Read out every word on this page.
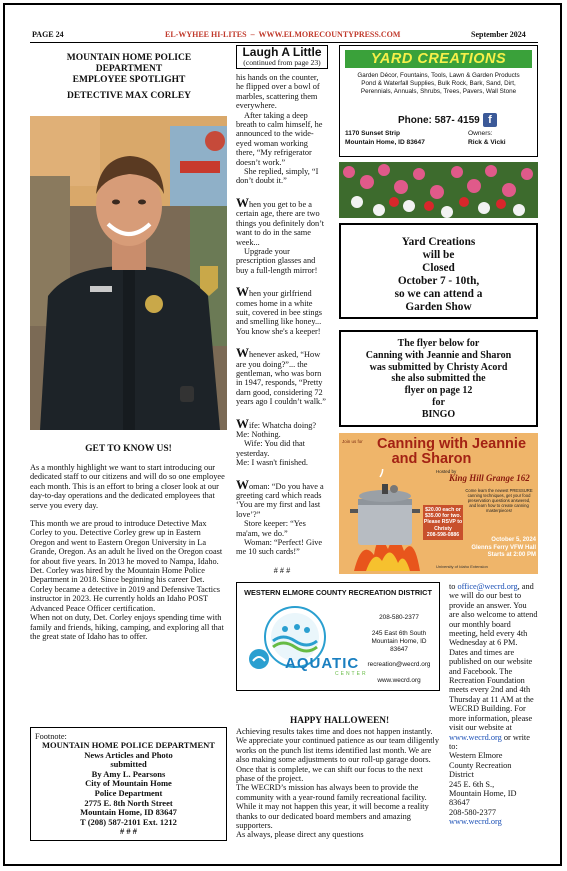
PAGE 24	EL-WYHEE HI-LITES  –  WWW.ELMORECOUNTYPRESS.COM	September 2024
MOUNTAIN HOME POLICE
DEPARTMENT
EMPLOYEE SPOTLIGHT
DETECTIVE MAX CORLEY
GET TO KNOW US!

As a monthly highlight we want to start introducing our dedicated staff to our citizens and will do so one employee each month. This is an effort to bring a closer look at our day-to-day operations and the dedicated employees that serve you every day.

This month we are proud to introduce Detective Max Corley to you. Detective Corley grew up in Eastern Oregon and went to Eastern Oregon University in La Grande, Oregon. As an adult he lived on the Oregon coast for about five years. In 2013 he moved to Nampa, Idaho.

Det. Corley was hired by the Mountain Home Police Department in 2018. Since beginning his career Det. Corley became a detective in 2019 and Defensive Tactics instructor in 2023. He currently holds an Idaho POST Advanced Peace Officer certification.

When not on duty, Det. Corley enjoys spending time with family and friends, hiking, camping, and exploring all that the great state of Idaho has to offer.

Footnote:
MOUNTAIN HOME POLICE DEPARTMENT
News Articles and Photo
submitted
By Amy L. Pearsons
City of Mountain Home
Police Department
2775 E. 8th North Street
Mountain Home, ID 83647
T (208) 587-2101 Ext. 1212
# # #
Laugh A Little
(continued from page 23)

his hands on the counter, he flipped over a bowl of marbles, scattering them everywhere.

After taking a deep breath to calm himself, he announced to the wide-eyed woman working there, “My refrigerator doesn’t work.”

She replied, simply, “I don’t doubt it.”

When you get to be a certain age, there are two things you definitely don’t want to do in the same week...

Upgrade your prescription glasses and buy a full-length mirror!

When your girlfriend comes home in a white suit, covered in bee stings and smelling like honey...

You know she's a keeper!

Whenever asked, “How are you doing?”... the gentleman, who was born in 1947, responds, “Pretty darn good, considering 72 years ago I couldn’t walk.”

Wife: Whatcha doing?

Me: Nothing.

Wife: You did that yesterday.

Me: I wasn't finished.

Woman: “Do you have a greeting card which reads ‘You are my first and last love’?”

Store keeper: “Yes ma'am, we do.”

Woman: “Perfect! Give me 10 such cards!”

# # #

YARD CREATIONS
Garden Décor, Fountains, Tools, Lawn & Garden Products
Pond & Waterfall Supplies, Bulk Rock, Bark, Sand, Dirt,
Perennials, Annuals, Shrubs, Trees, Pavers, Wall Stone
Phone: 587- 4159 f
1170 Sunset Strip
Mountain Home, ID 83647
Owners:
Rick & Vicki
Yard Creations
will be
Closed
October 7 - 10th,
so we can attend a
Garden Show
The flyer below for
Canning with Jeannie and Sharon
was submitted by Christy Acord
she also submitted the
flyer on page 12
for
BINGO
Join us for Canning with Jeannie
and Sharon
Hosted by
King Hill Grange 162
Come learn the newest PRESSURE canning techniques, get your food preservation questions answered, and learn how to create canning masterpieces!
$20.00 each or
$35.00 for two.
Please RSVP to
Christy
208-598-0886
October 5, 2024
Glenns Ferry VFW Hall
Starts at 2:00 PM
University of Idaho Extension
WESTERN ELMORE COUNTY RECREATION DISTRICT
AQUATIC
CENTER
208-580-2377
245 East 6th South
Mountain Home, ID 83647
recreation@wecrd.org
www.wecrd.org
HAPPY HALLOWEEN!

Achieving results takes time and does not happen instantly. We appreciate your continued patience as our team diligently works on the punch list items identified last month. We are also making some adjustments to our roll-up garage doors. Once that is complete, we can shift our focus to the next phase of the project.

The WECRD’s mission has always been to provide the community with a year-round family recreational facility. While it may not happen this year, it will become a reality thanks to our dedicated board members and amazing supporters.

As always, please direct any questions

to office@wecrd.org, and we will do our best to provide an answer. You are also welcome to attend our monthly board meeting, held every 4th Wednesday at 6 PM. Dates and times are published on our website and Facebook. The Recreation Foundation meets every 2nd and 4th Thursday at 11 AM at the WECRD Building. For more information, please visit our website at www.wecrd.org or write to:

Western Elmore

County Recreation

District

245 E. 6th S.,

Mountain Home, ID

83647

208-580-2377

www.wecrd.org
